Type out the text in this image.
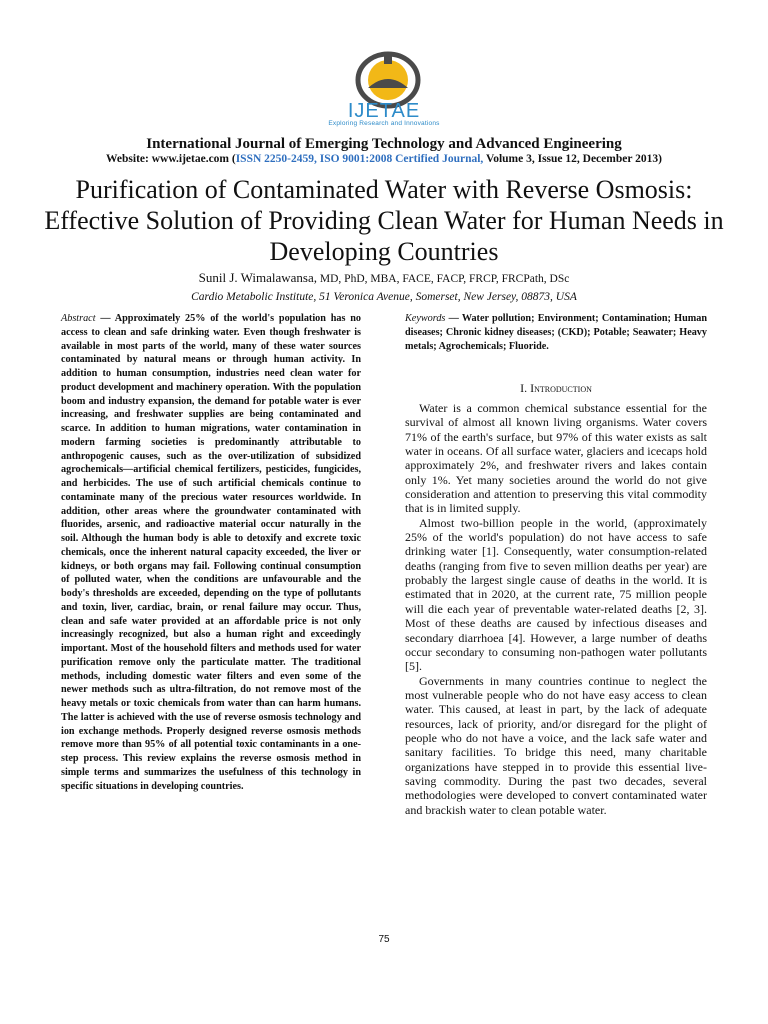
IJETAE
Exploring Research and Innovations
International Journal of Emerging Technology and Advanced Engineering
Website: www.ijetae.com (ISSN 2250-2459, ISO 9001:2008 Certified Journal, Volume 3, Issue 12, December 2013)
Purification of Contaminated Water with Reverse Osmosis: Effective Solution of Providing Clean Water for Human Needs in Developing Countries
Sunil J. Wimalawansa, MD, PhD, MBA, FACE, FACP, FRCP, FRCPath, DSc
Cardio Metabolic Institute, 51 Veronica Avenue, Somerset, New Jersey, 08873, USA
Abstract — Approximately 25% of the world's population has no access to clean and safe drinking water. Even though freshwater is available in most parts of the world, many of these water sources contaminated by natural means or through human activity. In addition to human consumption, industries need clean water for product development and machinery operation. With the population boom and industry expansion, the demand for potable water is ever increasing, and freshwater supplies are being contaminated and scarce. In addition to human migrations, water contamination in modern farming societies is predominantly attributable to anthropogenic causes, such as the over-utilization of subsidized agrochemicals—artificial chemical fertilizers, pesticides, fungicides, and herbicides. The use of such artificial chemicals continue to contaminate many of the precious water resources worldwide. In addition, other areas where the groundwater contaminated with fluorides, arsenic, and radioactive material occur naturally in the soil. Although the human body is able to detoxify and excrete toxic chemicals, once the inherent natural capacity exceeded, the liver or kidneys, or both organs may fail. Following continual consumption of polluted water, when the conditions are unfavourable and the body's thresholds are exceeded, depending on the type of pollutants and toxin, liver, cardiac, brain, or renal failure may occur. Thus, clean and safe water provided at an affordable price is not only increasingly recognized, but also a human right and exceedingly important. Most of the household filters and methods used for water purification remove only the particulate matter. The traditional methods, including domestic water filters and even some of the newer methods such as ultra-filtration, do not remove most of the heavy metals or toxic chemicals from water than can harm humans. The latter is achieved with the use of reverse osmosis technology and ion exchange methods. Properly designed reverse osmosis methods remove more than 95% of all potential toxic contaminants in a one-step process. This review explains the reverse osmosis method in simple terms and summarizes the usefulness of this technology in specific situations in developing countries.
Keywords — Water pollution; Environment; Contamination; Human diseases; Chronic kidney diseases; (CKD); Potable; Seawater; Heavy metals; Agrochemicals; Fluoride.
I. Introduction

Water is a common chemical substance essential for the survival of almost all known living organisms. Water covers 71% of the earth's surface, but 97% of this water exists as salt water in oceans. Of all surface water, glaciers and icecaps hold approximately 2%, and freshwater rivers and lakes contain only 1%. Yet many societies around the world do not give consideration and attention to preserving this vital commodity that is in limited supply.

Almost two-billion people in the world, (approximately 25% of the world's population) do not have access to safe drinking water [1]. Consequently, water consumption-related deaths (ranging from five to seven million deaths per year) are probably the largest single cause of deaths in the world. It is estimated that in 2020, at the current rate, 75 million people will die each year of preventable water-related deaths [2, 3]. Most of these deaths are caused by infectious diseases and secondary diarrhoea [4]. However, a large number of deaths occur secondary to consuming non-pathogen water pollutants [5].

Governments in many countries continue to neglect the most vulnerable people who do not have easy access to clean water. This caused, at least in part, by the lack of adequate resources, lack of priority, and/or disregard for the plight of people who do not have a voice, and the lack safe water and sanitary facilities. To bridge this need, many charitable organizations have stepped in to provide this essential live-saving commodity. During the past two decades, several methodologies were developed to convert contaminated water and brackish water to clean potable water.

75
